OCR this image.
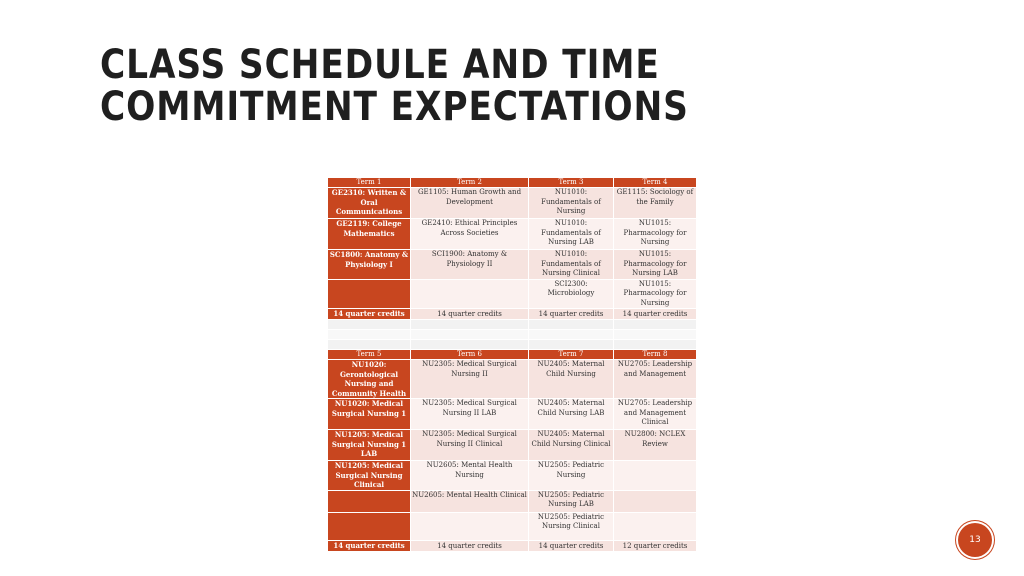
CLASS SCHEDULE AND TIME COMMITMENT EXPECTATIONS
Term 1	Term 2	Term 3	Term 4
GE2310: Written & Oral Communications	GE1105: Human Growth and Development	NU1010: Fundamentals of Nursing	GE1115: Sociology of the Family
GE2119: College Mathematics	GE2410: Ethical Principles Across Societies	NU1010: Fundamentals of Nursing LAB	NU1015: Pharmacology for Nursing
SC1800: Anatomy & Physiology I	SCI1900: Anatomy & Physiology II	NU1010: Fundamentals of Nursing Clinical	NU1015: Pharmacology for Nursing LAB
		SCI2300: Microbiology	NU1015: Pharmacology for Nursing
14 quarter credits	14 quarter credits	14 quarter credits	14 quarter credits

Term 5	Term 6	Term 7	Term 8
NU1020: Gerontological Nursing and Community Health	NU2305: Medical Surgical Nursing II	NU2405: Maternal Child Nursing	NU2705: Leadership and Management
NU1020: Medical Surgical Nursing 1	NU2305: Medical Surgical Nursing II LAB	NU2405: Maternal Child Nursing LAB	NU2705: Leadership and Management Clinical
NU1205: Medical Surgical Nursing 1 LAB	NU2305: Medical Surgical Nursing II Clinical	NU2405: Maternal Child Nursing Clinical	NU2800: NCLEX Review
NU1205: Medical Surgical Nursing Clinical	NU2605: Mental Health Nursing	NU2505: Pediatric Nursing	
	NU2605: Mental Health Clinical	NU2505: Pediatric Nursing LAB	
		NU2505: Pediatric Nursing Clinical	
14 quarter credits	14 quarter credits	14 quarter credits	12 quarter credits
13
